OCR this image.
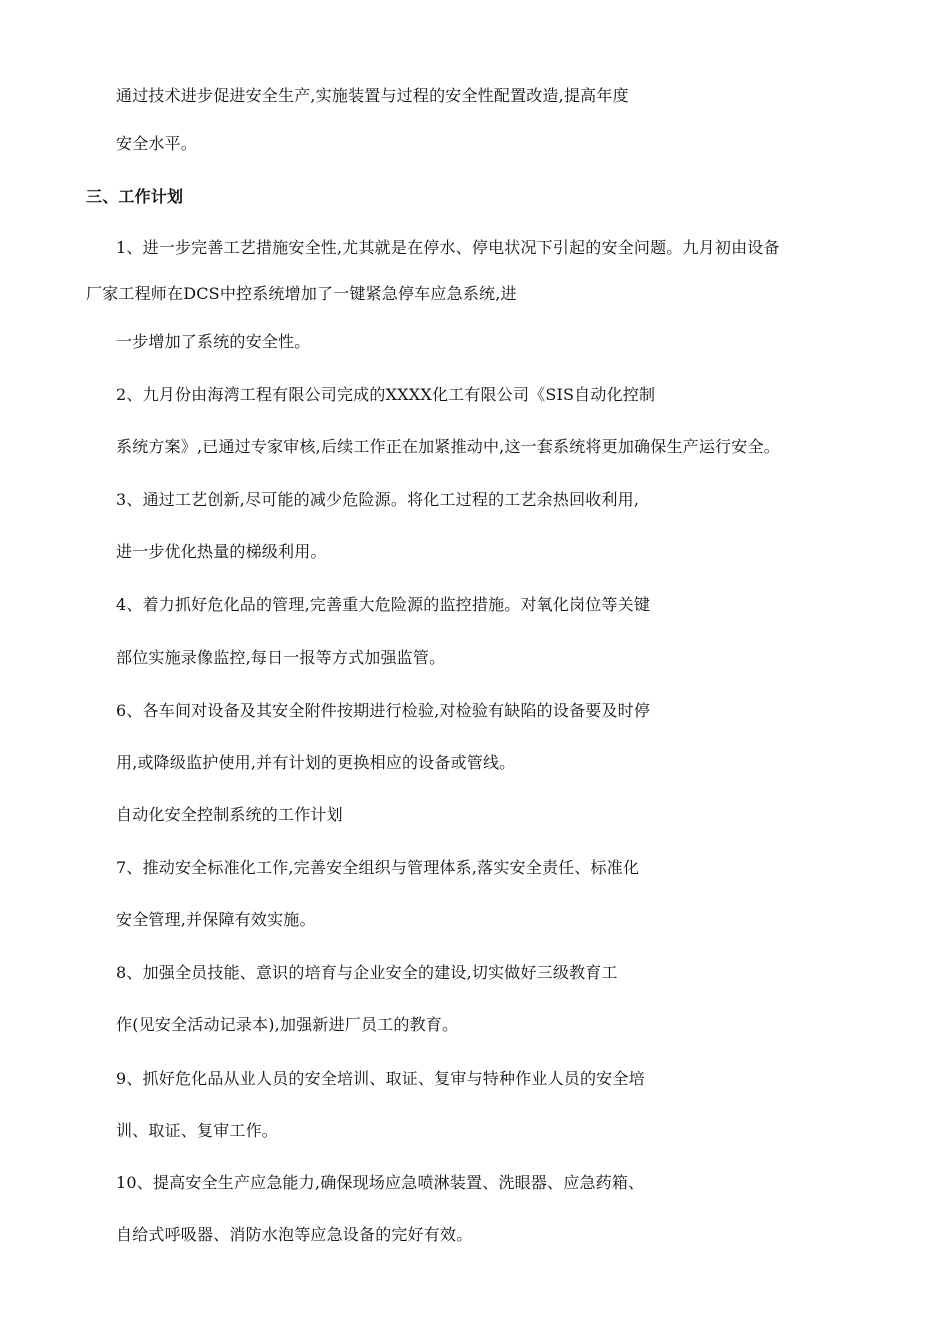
通过技术进步促进安全生产,实施装置与过程的安全性配置改造,提高年度

安全水平。

三、工作计划

1、进一步完善工艺措施安全性,尤其就是在停水、停电状况下引起的安全问题。九月初由设备

厂家工程师在DCS中控系统增加了一键紧急停车应急系统,进

一步增加了系统的安全性。

2、九月份由海湾工程有限公司完成的XXXX化工有限公司《SIS自动化控制

系统方案》,已通过专家审核,后续工作正在加紧推动中,这一套系统将更加确保生产运行安全。

3、通过工艺创新,尽可能的减少危险源。将化工过程的工艺余热回收利用,

进一步优化热量的梯级利用。

4、着力抓好危化品的管理,完善重大危险源的监控措施。对氧化岗位等关键

部位实施录像监控,每日一报等方式加强监管。

6、各车间对设备及其安全附件按期进行检验,对检验有缺陷的设备要及时停

用,或降级监护使用,并有计划的更换相应的设备或管线。

自动化安全控制系统的工作计划

7、推动安全标准化工作,完善安全组织与管理体系,落实安全责任、标准化

安全管理,并保障有效实施。

8、加强全员技能、意识的培育与企业安全的建设,切实做好三级教育工

作(见安全活动记录本),加强新进厂员工的教育。

9、抓好危化品从业人员的安全培训、取证、复审与特种作业人员的安全培

训、取证、复审工作。

10、提高安全生产应急能力,确保现场应急喷淋装置、洗眼器、应急药箱、

自给式呼吸器、消防水泡等应急设备的完好有效。
